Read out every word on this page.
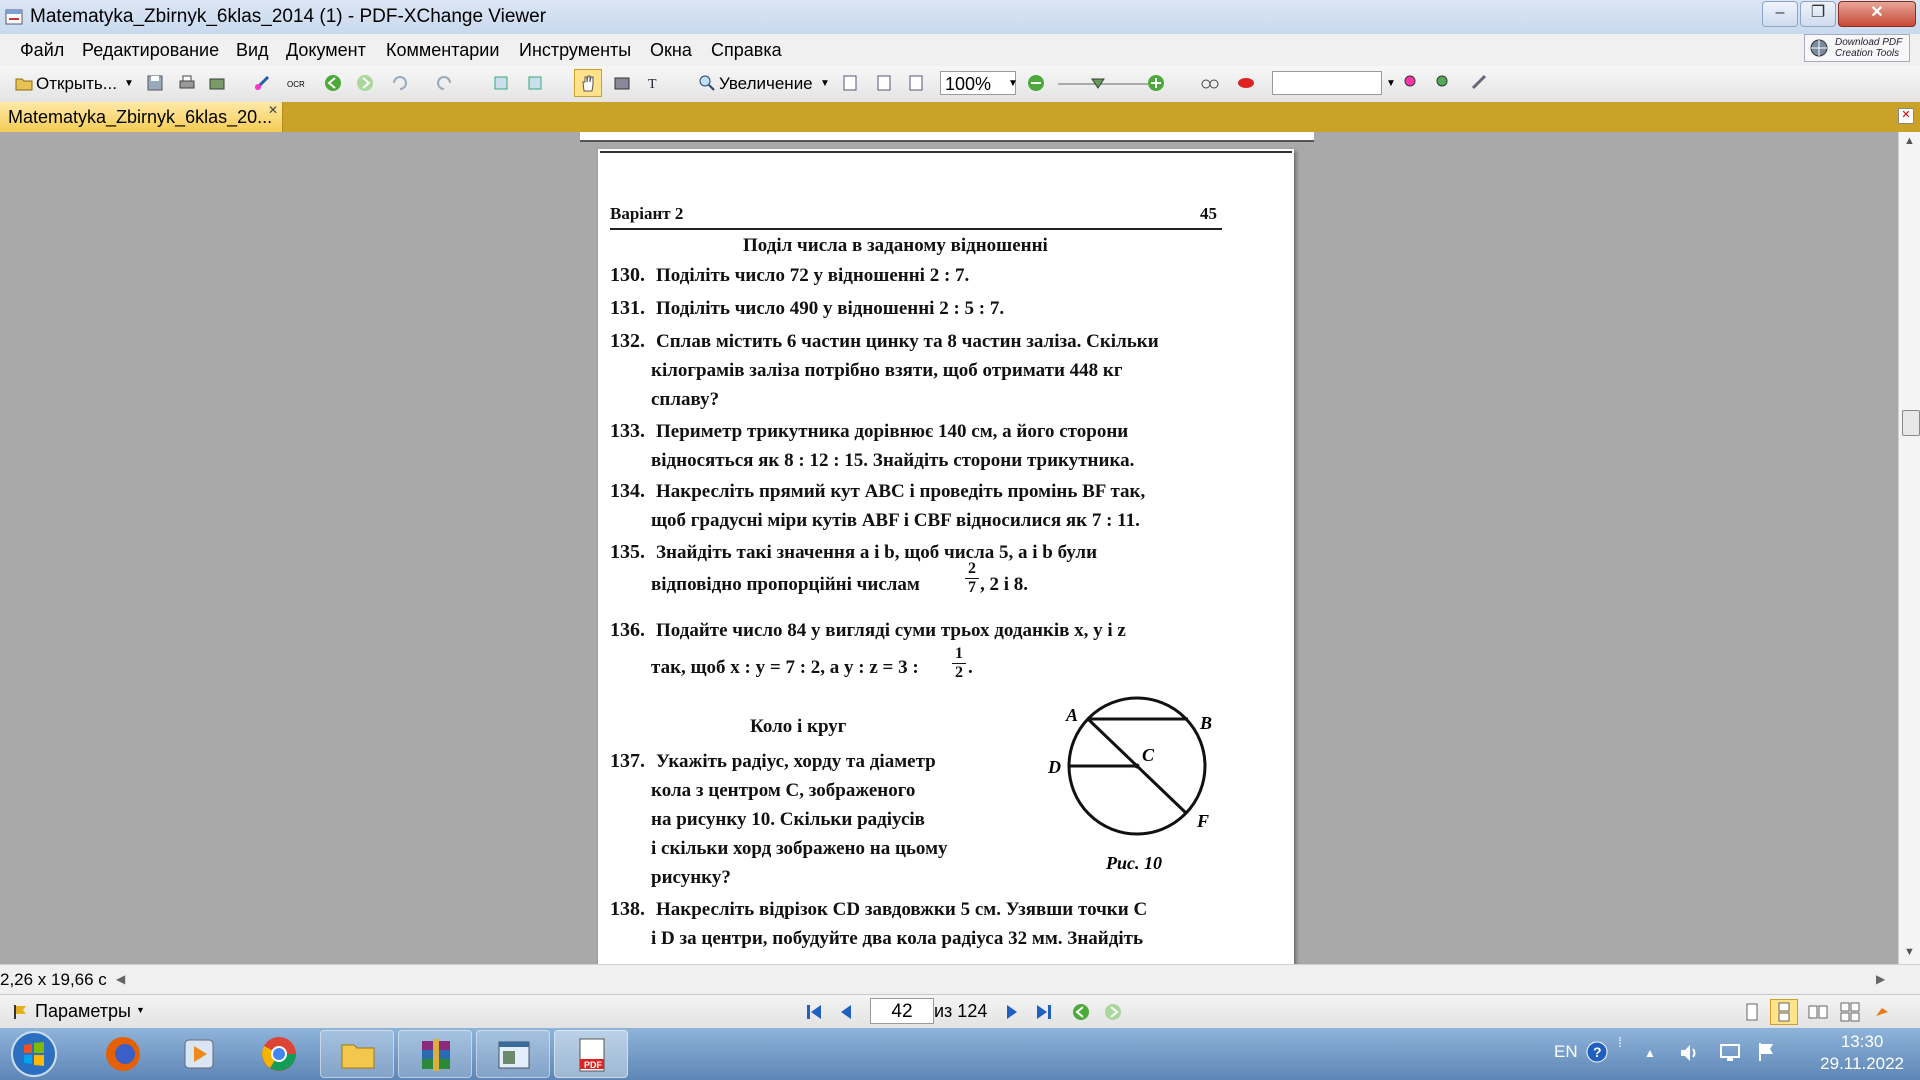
Matematyka_Zbirnyk_6klas_2014 (1) - PDF-XChange Viewer	–	❐	✕
Файл Редактирование Вид Документ Комментарии Инструменты Окна Справка	Download PDF
Creation Tools
Открыть... ▼	OCR	T	Увеличение ▼	100%	▼	▼
Matematyka_Zbirnyk_6klas_20...
✕	✕
Варіант 2	45
Поділ числа в заданому відношенні
130. Поділіть число 72 у відношенні 2 : 7.
131. Поділіть число 490 у відношенні 2 : 5 : 7.
132. Сплав містить 6 частин цинку та 8 частин заліза. Скільки
кілограмів заліза потрібно взяти, щоб отримати 448 кг
сплаву?
133. Периметр трикутника дорівнює 140 см, а його сторони
відносяться як 8 : 12 : 15. Знайдіть сторони трикутника.
134. Накресліть прямий кут ABC і проведіть промінь BF так,
щоб градусні міри кутів ABF і CBF відносилися як 7 : 11.
135. Знайдіть такі значення a і b, щоб числа 5, a і b були
відповідно пропорційні числам	$\frac{2}{7}$ , 2 і 8.
136. Подайте число 84 у вигляді суми трьох доданків x, y і z
так, щоб x : y = 7 : 2, а y : z = 3 : $\frac{1}{2}$ .
Коло і круг
137. Укажіть радіус, хорду та діаметр
кола з центром C, зображеного
на рисунку 10. Скільки радіусів
і скільки хорд зображено на цьому
рисунку?
138. Накресліть відрізок CD завдовжки 5 см. Узявши точки C
і D за центри, побудуйте два кола радіуса 32 мм. Знайдіть
A	B
C
D
F
Рис. 10
▲
▼
2,26 x 19,66 с ◀	▶
Параметры ▼	42	из 124
PDF
EN ?
⁞
▲
13:30
29.11.2022
